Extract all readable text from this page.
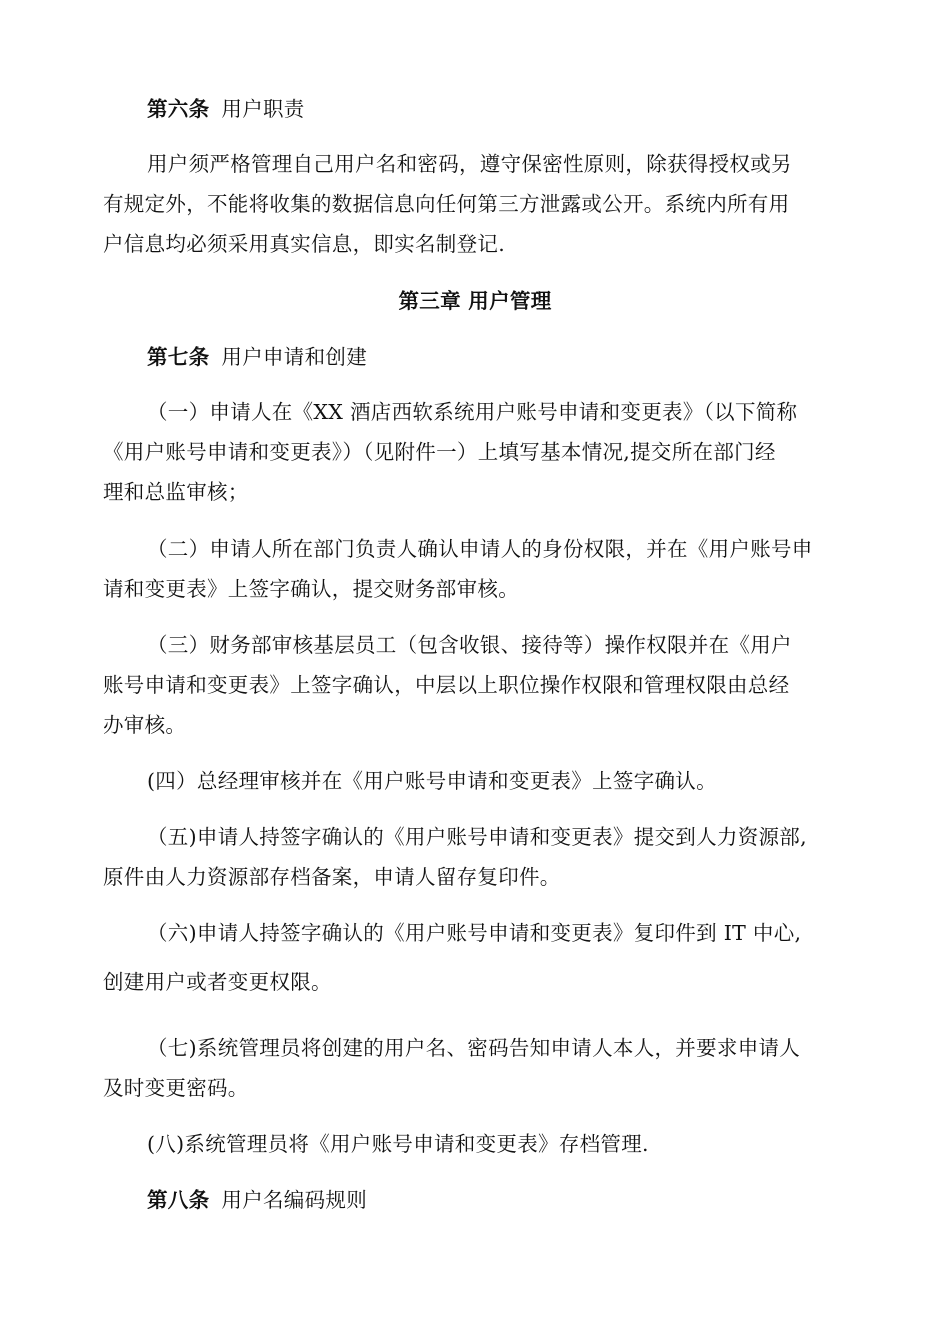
第六条 用户职责
用户须严格管理自己用户名和密码，遵守保密性原则，除获得授权或另
有规定外，不能将收集的数据信息向任何第三方泄露或公开。系统内所有用
户信息均必须采用真实信息，即实名制登记.
第三章 用户管理
第七条 用户申请和创建
（一）申请人在《XX 酒店西软系统用户账号申请和变更表》（以下简称
《用户账号申请和变更表》）（见附件一）上填写基本情况,提交所在部门经
理和总监审核；
（二）申请人所在部门负责人确认申请人的身份权限，并在《用户账号申
请和变更表》上签字确认，提交财务部审核。
（三）财务部审核基层员工（包含收银、接待等）操作权限并在《用户
账号申请和变更表》上签字确认，中层以上职位操作权限和管理权限由总经
办审核。
(四）总经理审核并在《用户账号申请和变更表》上签字确认。
（五)申请人持签字确认的《用户账号申请和变更表》提交到人力资源部,
原件由人力资源部存档备案，申请人留存复印件。
（六)申请人持签字确认的《用户账号申请和变更表》复印件到 IT 中心,
创建用户或者变更权限。
（七)系统管理员将创建的用户名、密码告知申请人本人，并要求申请人
及时变更密码。
(八)系统管理员将《用户账号申请和变更表》存档管理.
第八条 用户名编码规则
